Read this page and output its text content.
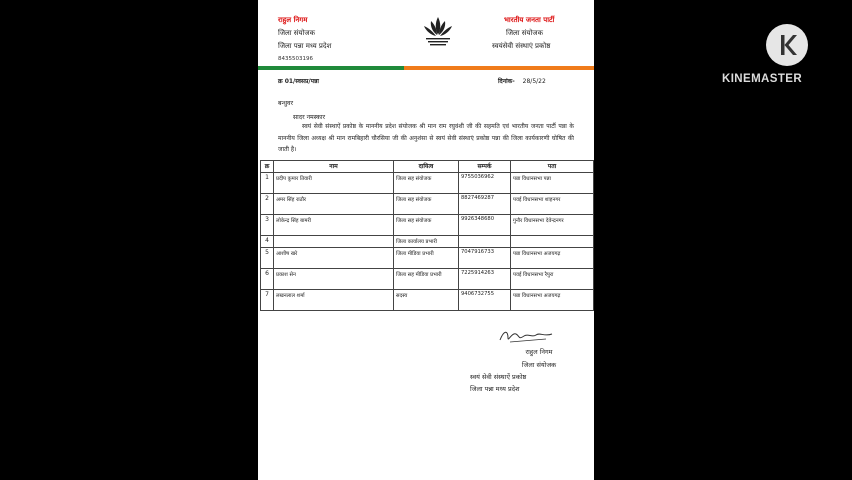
राहुल निगम
जिला संयोजक
जिला पन्ना मध्य प्रदेश
8435503196
भारतीय जनता पार्टी
जिला संयोजक
स्वयंसेवी संस्थाएं प्रकोष्ठ
क्र 01/स्वसप्र/पन्ना	दिनांक- 28/5/22
बन्धुवर
सादर नमस्कार
स्वयं सेवी संस्थाऐं प्रकोष्ठ के माननीय प्रदेश संयोजक श्री मान राम रघुवंशी जी की सहमति एवं भारतीय जनता पार्टी पन्ना के माननीय जिला अध्यक्ष श्री मान रामबिहारी चौरसिया जी की अनुशंसा से स्वयं सेवी संस्थाएं प्रकोष्ठ पन्ना की जिला कार्यकारणी घोषित की जाती है।
क्र	नाम	दायित्व	सम्पर्क	पता
1	प्रदीप कुमार तिवारी	जिला सह संयोजक	9755036962	पन्ना विधानसभा पन्ना
2	अमर सिंह राठौर	जिला सह संयोजक	8827469287	पवई विधानसभा शाहनगर
3	लोकेन्द्र सिंह बामरी	जिला सह संयोजक	9926348680	गुनौर विधानसभा देवेन्द्रनगर
4		जिला कार्यालय प्रभारी		
5	आशीष खरे	जिला मीडिया प्रभारी	7047916733	पन्ना विधानसभा अजयगढ़
6	प्रकाश सेन	जिला सह मीडिया प्रभारी	7225914263	पवई विधानसभा रैपुरा
7	लखनलाल शर्मा	सदस्य	9406732755	पन्ना विधानसभा अजयगढ़
राहुल निगम
जिला संयोजक
स्वयं सेवी संस्थाऐं प्रकोष्ठ
जिला पन्ना मध्य प्रदेश
KINEMASTER
